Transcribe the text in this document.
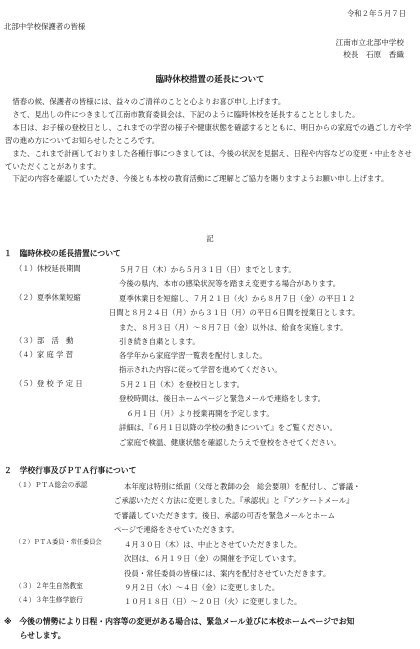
令和２年５月７日
北部中学校保護者の皆様
江南市立北部中学校
校長　石原　香織
臨時休校措置の延長について

惜春の候、保護者の皆様には、益々のご清祥のことと心よりお喜び申し上げます。

さて、見出しの件につきまして江南市教育委員会は、下記のように臨時休校を延長することとしました。

本日は、お子様の登校日とし、これまでの学習の様子や健康状態を確認するとともに、明日からの家庭での過ごし方や学習の進め方についてお知らせしたところです。

また、これまで計画しておりました各種行事につきましては、今後の状況を見据え、日程や内容などの変更・中止をさせていただくことがあります。

下記の内容を確認していただき、今後とも本校の教育活動にご理解とご協力を賜りますようお願い申し上げます。

記
１　臨時休校の延長措置について
（１）休校延長期間	５月７日（木）から５月３１日（日）までとします。
今後の県内、本市の感染状況等を踏まえ変更する場合があります。
（２）夏季休業短縮	夏季休業日を短縮し、７月２１日（火）から８月７日（金）の平日１２
日間と８月２４日（月）から３１日（月）の平日６日間を授業日とします。
また、８月３日（月）～８月７日（金）以外は、給食を実施します。
（３）部　活　動	引き続き自粛とします。
（４）家 庭 学 習	各学年から家庭学習一覧表を配付しました。
指示された内容に従って学習を進めてください。
（５）登 校 予 定 日	５月２１日（木）を登校日とします。
登校時間は、後日ホームページと緊急メールで連絡をします。
　６月１日（月）より授業再開を予定します。
詳細は、『６月１日以降の学校の動きについて』をご覧ください。
ご家庭で検温、健康状態を確認したうえで登校をさせてください。
２　学校行事及びＰＴＡ行事について
（１）ＰＴＡ総会の承認	本年度は特別に紙面（父母と教師の会　総会要項）を配付し、ご審議・
ご承認いただく方法に変更しました。『承認状』と『アンケートメール』
で審議していただきます。後日、承認の可否を緊急メールとホーム
ページで連絡をさせていただきます。
（２）ＰＴＡ委員・常任委員会	４月３０日（木）は、中止とさせていただきました。
次回は、６月１９日（金）の開催を予定しています。
役員・常任委員の皆様には、案内を配付させていただきます。
（３）２年生自然教室	９月２日（水）～４日（金）に変更しました。
（４）３年生修学旅行	１０月１８日（日）～２０日（火）に変更しました。
※　今後の情勢により日程・内容等の変更がある場合は、緊急メール並びに本校ホームページでお知
　　らせします。
